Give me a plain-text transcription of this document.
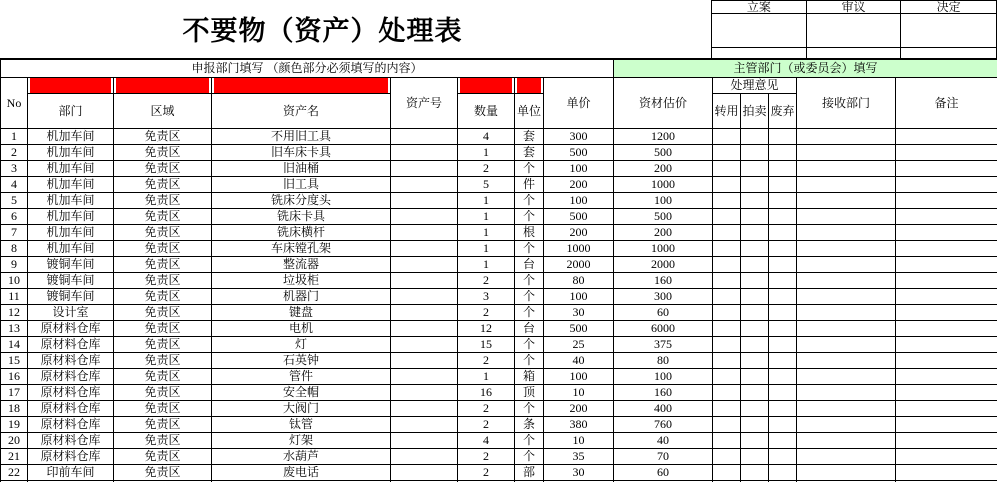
不要物（资产）处理表
立案	审议	决定

申报部门填写 （颜色部分必须填写的内容）								主管部门（或委员会）填写					
No				资产号			单价	资材估价	处理意见			接收部门	备注
	部门	区域	资产名		数量	单位			转用	拍卖	废弃		
1	机加车间	免责区	不用旧工具		4	套	300	1200					
2	机加车间	免责区	旧车床卡具		1	套	500	500					
3	机加车间	免责区	旧油桶		2	个	100	200					
4	机加车间	免责区	旧工具		5	件	200	1000					
5	机加车间	免责区	铣床分度头		1	个	100	100					
6	机加车间	免责区	铣床卡具		1	个	500	500					
7	机加车间	免责区	铣床横杆		1	根	200	200					
8	机加车间	免责区	车床镗孔架		1	个	1000	1000					
9	镀铜车间	免责区	整流器		1	台	2000	2000					
10	镀铜车间	免责区	垃圾柜		2	个	80	160					
11	镀铜车间	免责区	机器门		3	个	100	300					
12	设计室	免责区	键盘		2	个	30	60					
13	原材料仓库	免责区	电机		12	台	500	6000					
14	原材料仓库	免责区	灯		15	个	25	375					
15	原材料仓库	免责区	石英钟		2	个	40	80					
16	原材料仓库	免责区	管件		1	箱	100	100					
17	原材料仓库	免责区	安全帽		16	顶	10	160					
18	原材料仓库	免责区	大阀门		2	个	200	400					
19	原材料仓库	免责区	钛管		2	条	380	760					
20	原材料仓库	免责区	灯架		4	个	10	40					
21	原材料仓库	免责区	水葫芦		2	个	35	70					
22	印前车间	免责区	废电话		2	部	30	60					
